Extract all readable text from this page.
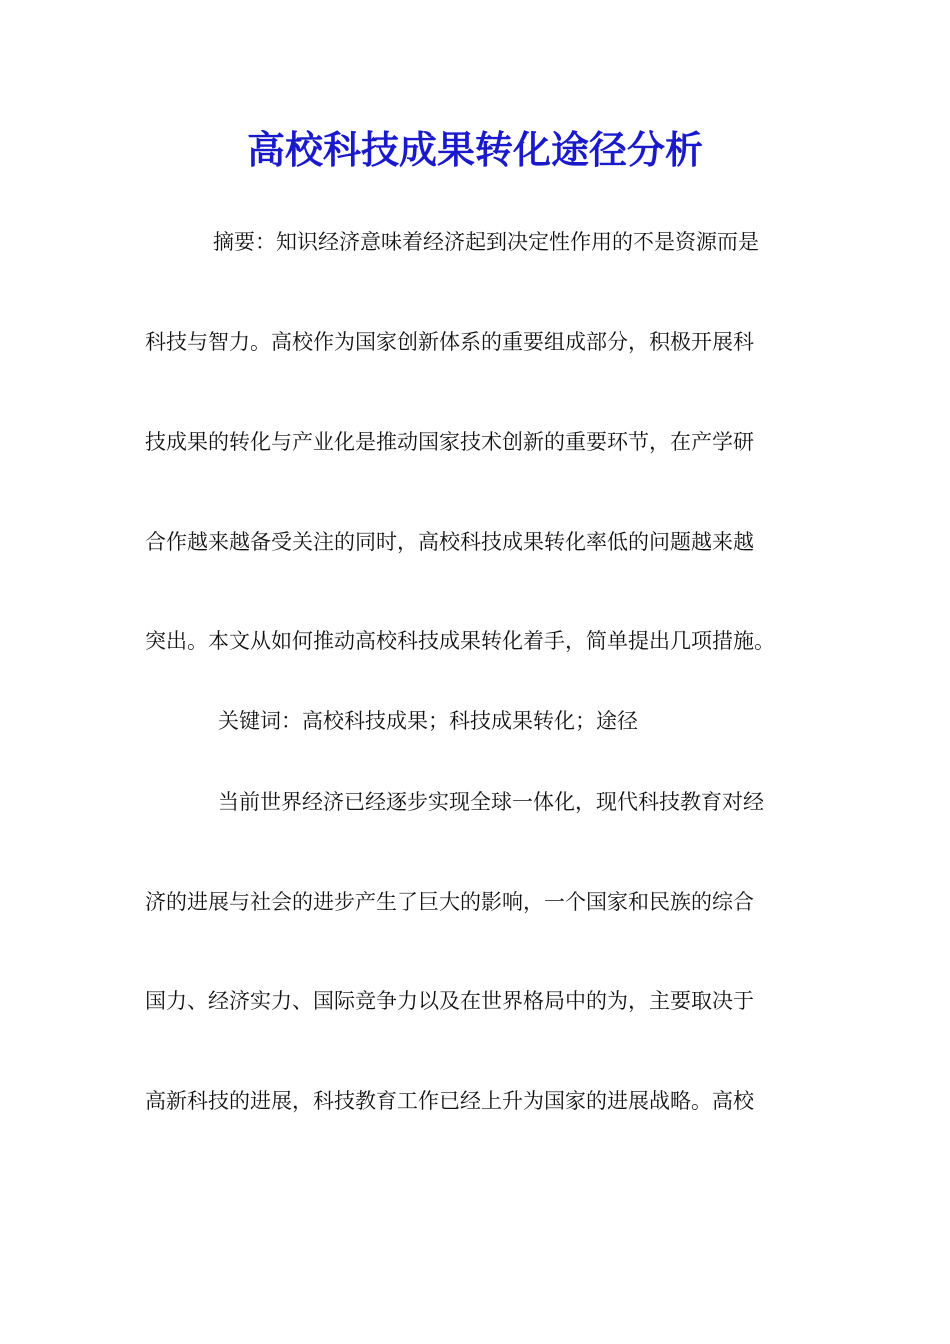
高校科技成果转化途径分析

摘要：知识经济意味着经济起到决定性作用的不是资源而是

科技与智力。高校作为国家创新体系的重要组成部分，积极开展科

技成果的转化与产业化是推动国家技术创新的重要环节，在产学研

合作越来越备受关注的同时，高校科技成果转化率低的问题越来越

突出。本文从如何推动高校科技成果转化着手，简单提出几项措施。

关键词：高校科技成果；科技成果转化；途径

当前世界经济已经逐步实现全球一体化，现代科技教育对经

济的进展与社会的进步产生了巨大的影响，一个国家和民族的综合

国力、经济实力、国际竞争力以及在世界格局中的为，主要取决于

高新科技的进展，科技教育工作已经上升为国家的进展战略。高校
